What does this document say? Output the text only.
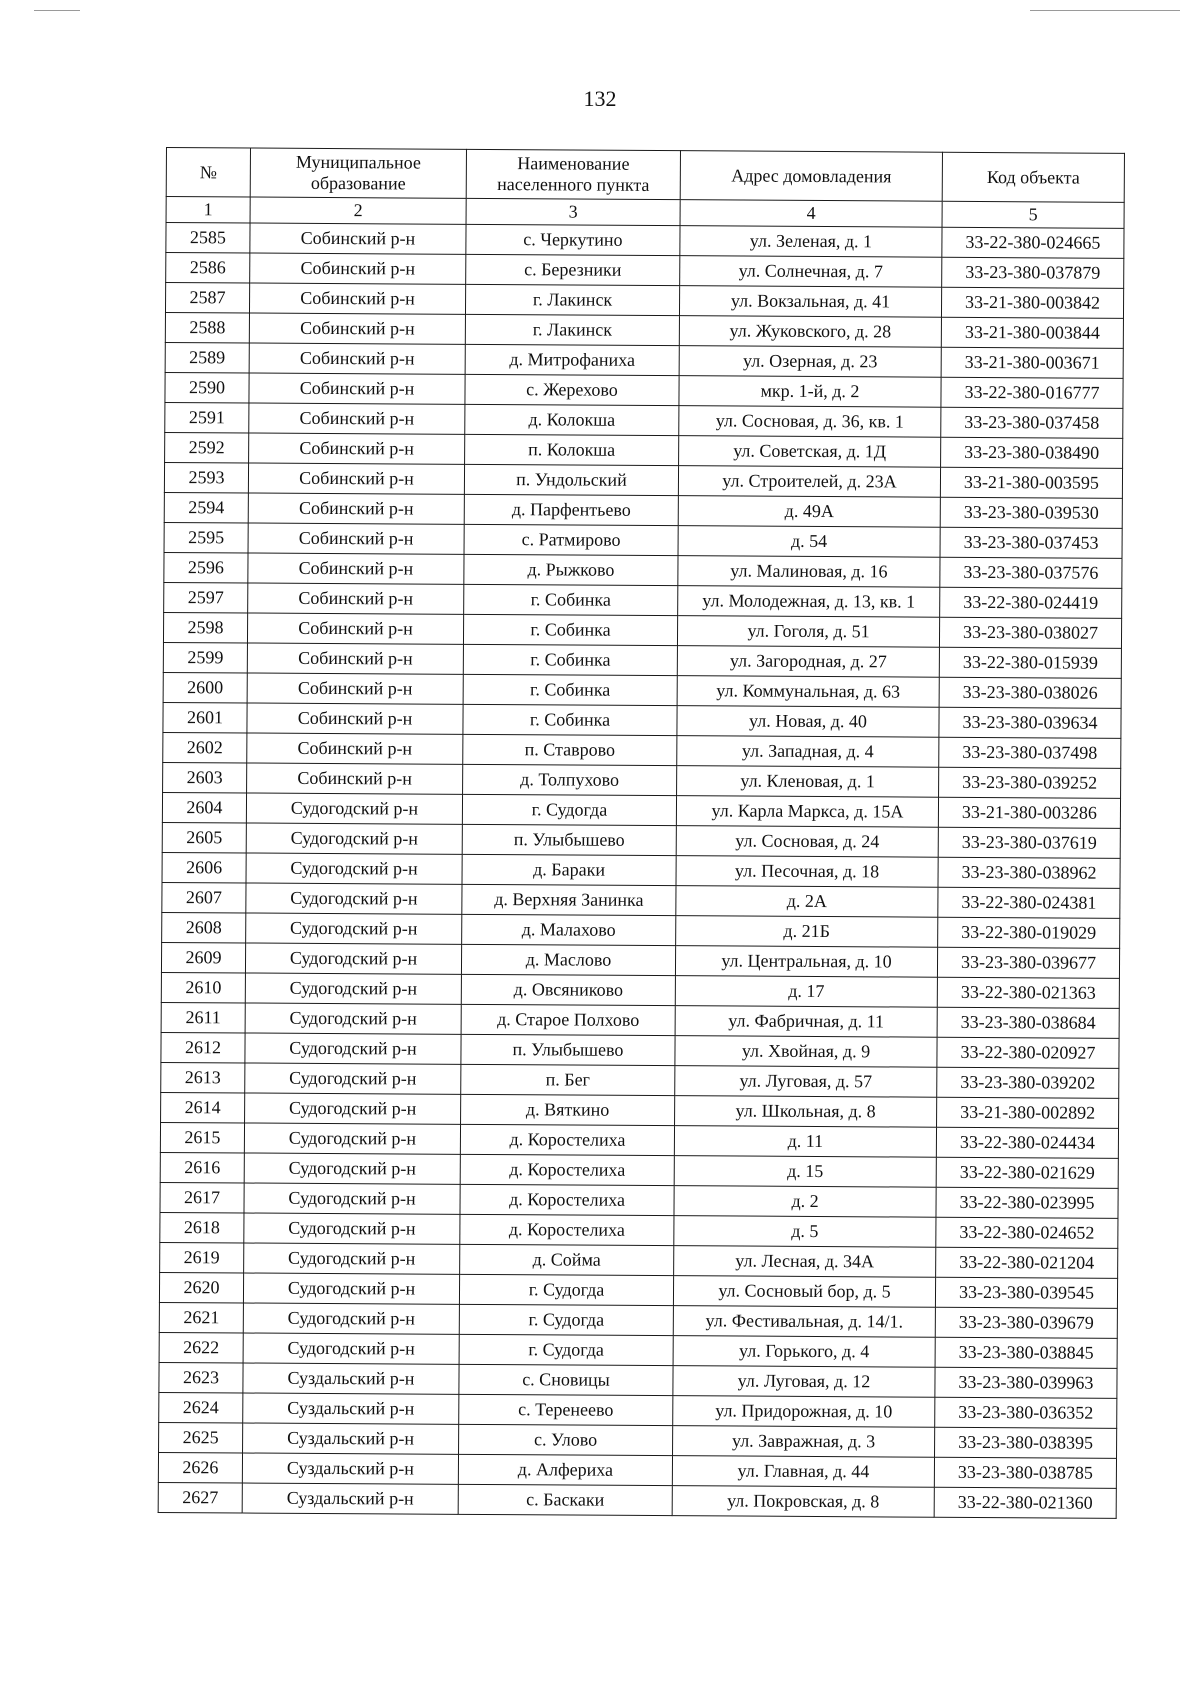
132
№	Муниципальное образование	Наименование населенного пункта	Адрес домовладения	Код объекта
1	2	3	4	5
2585	Собинский р-н	с. Черкутино	ул. Зеленая, д. 1	33-22-380-024665
2586	Собинский р-н	с. Березники	ул. Солнечная, д. 7	33-23-380-037879
2587	Собинский р-н	г. Лакинск	ул. Вокзальная, д. 41	33-21-380-003842
2588	Собинский р-н	г. Лакинск	ул. Жуковского, д. 28	33-21-380-003844
2589	Собинский р-н	д. Митрофаниха	ул. Озерная, д. 23	33-21-380-003671
2590	Собинский р-н	с. Жерехово	мкр. 1-й, д. 2	33-22-380-016777
2591	Собинский р-н	д. Колокша	ул. Сосновая, д. 36, кв. 1	33-23-380-037458
2592	Собинский р-н	п. Колокша	ул. Советская, д. 1Д	33-23-380-038490
2593	Собинский р-н	п. Ундольский	ул. Строителей, д. 23А	33-21-380-003595
2594	Собинский р-н	д. Парфентьево	д. 49А	33-23-380-039530
2595	Собинский р-н	с. Ратмирово	д. 54	33-23-380-037453
2596	Собинский р-н	д. Рыжково	ул. Малиновая, д. 16	33-23-380-037576
2597	Собинский р-н	г. Собинка	ул. Молодежная, д. 13, кв. 1	33-22-380-024419
2598	Собинский р-н	г. Собинка	ул. Гоголя, д. 51	33-23-380-038027
2599	Собинский р-н	г. Собинка	ул. Загородная, д. 27	33-22-380-015939
2600	Собинский р-н	г. Собинка	ул. Коммунальная, д. 63	33-23-380-038026
2601	Собинский р-н	г. Собинка	ул. Новая, д. 40	33-23-380-039634
2602	Собинский р-н	п. Ставрово	ул. Западная, д. 4	33-23-380-037498
2603	Собинский р-н	д. Толпухово	ул. Кленовая, д. 1	33-23-380-039252
2604	Судогодский р-н	г. Судогда	ул. Карла Маркса, д. 15А	33-21-380-003286
2605	Судогодский р-н	п. Улыбышево	ул. Сосновая, д. 24	33-23-380-037619
2606	Судогодский р-н	д. Бараки	ул. Песочная, д. 18	33-23-380-038962
2607	Судогодский р-н	д. Верхняя Занинка	д. 2А	33-22-380-024381
2608	Судогодский р-н	д. Малахово	д. 21Б	33-22-380-019029
2609	Судогодский р-н	д. Маслово	ул. Центральная, д. 10	33-23-380-039677
2610	Судогодский р-н	д. Овсяниково	д. 17	33-22-380-021363
2611	Судогодский р-н	д. Старое Полхово	ул. Фабричная, д. 11	33-23-380-038684
2612	Судогодский р-н	п. Улыбышево	ул. Хвойная, д. 9	33-22-380-020927
2613	Судогодский р-н	п. Бег	ул. Луговая, д. 57	33-23-380-039202
2614	Судогодский р-н	д. Вяткино	ул. Школьная, д. 8	33-21-380-002892
2615	Судогодский р-н	д. Коростелиха	д. 11	33-22-380-024434
2616	Судогодский р-н	д. Коростелиха	д. 15	33-22-380-021629
2617	Судогодский р-н	д. Коростелиха	д. 2	33-22-380-023995
2618	Судогодский р-н	д. Коростелиха	д. 5	33-22-380-024652
2619	Судогодский р-н	д. Сойма	ул. Лесная, д. 34А	33-22-380-021204
2620	Судогодский р-н	г. Судогда	ул. Сосновый бор, д. 5	33-23-380-039545
2621	Судогодский р-н	г. Судогда	ул. Фестивальная, д. 14/1.	33-23-380-039679
2622	Судогодский р-н	г. Судогда	ул. Горького, д. 4	33-23-380-038845
2623	Суздальский р-н	с. Сновицы	ул. Луговая, д. 12	33-23-380-039963
2624	Суздальский р-н	с. Теренеево	ул. Придорожная, д. 10	33-23-380-036352
2625	Суздальский р-н	с. Улово	ул. Завражная, д. 3	33-23-380-038395
2626	Суздальский р-н	д. Алфериха	ул. Главная, д. 44	33-23-380-038785
2627	Суздальский р-н	с. Баскаки	ул. Покровская, д. 8	33-22-380-021360
